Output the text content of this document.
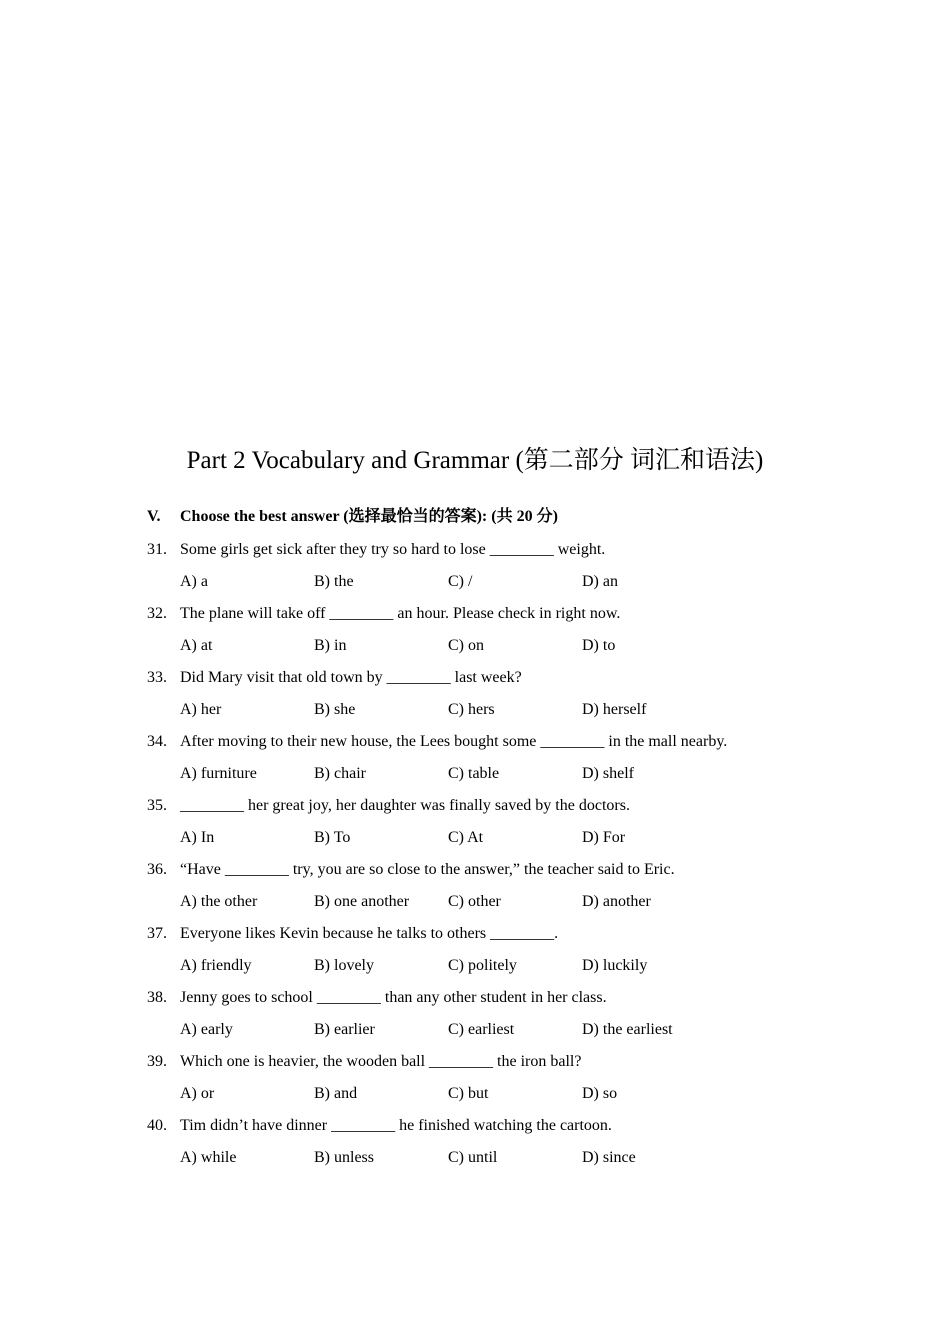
Part 2 Vocabulary and Grammar (第二部分 词汇和语法)
V. Choose the best answer (选择最恰当的答案): (共 20 分)
31. Some girls get sick after they try so hard to lose ________ weight.
A) a	B) the	C) /	D) an
32. The plane will take off ________ an hour. Please check in right now.
A) at	B) in	C) on	D) to
33. Did Mary visit that old town by ________ last week?
A) her	B) she	C) hers	D) herself
34. After moving to their new house, the Lees bought some ________ in the mall nearby.
A) furniture	B) chair	C) table	D) shelf
35. ________ her great joy, her daughter was finally saved by the doctors.
A) In	B) To	C) At	D) For
36. “Have ________ try, you are so close to the answer,” the teacher said to Eric.
A) the other	B) one another C) other	D) another
37. Everyone likes Kevin because he talks to others ________.
A) friendly	B) lovely	C) politely	D) luckily
38. Jenny goes to school ________ than any other student in her class.
A) early	B) earlier	C) earliest	D) the earliest
39. Which one is heavier, the wooden ball ________ the iron ball?
A) or	B) and	C) but	D) so
40. Tim didn’t have dinner ________ he finished watching the cartoon.
A) while	B) unless	C) until	D) since
